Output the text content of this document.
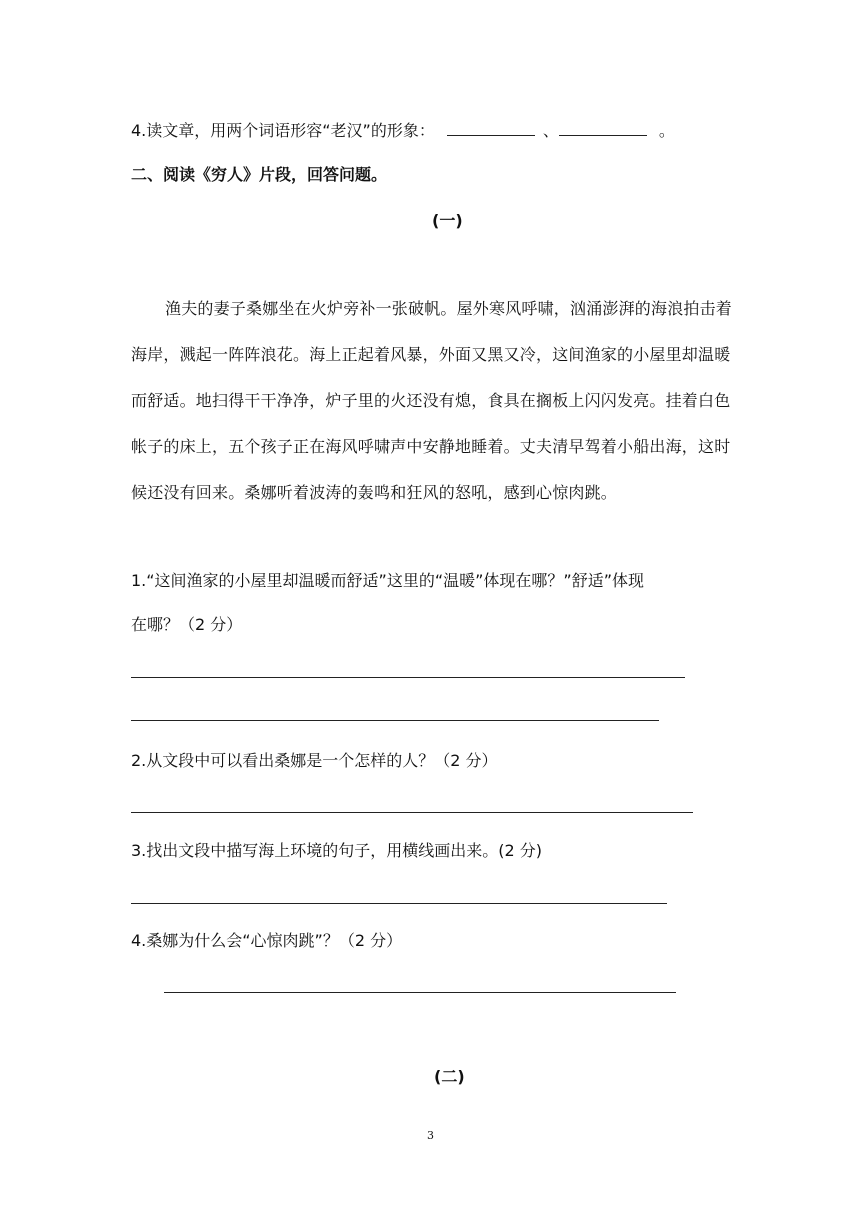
4.读文章，用两个词语形容“老汉”的形象：	、	。
二、阅读《穷人》片段，回答问题。
(一)
渔夫的妻子桑娜坐在火炉旁补一张破帆。屋外寒风呼啸，汹涌澎湃的海浪拍击着海岸，溅起一阵阵浪花。海上正起着风暴，外面又黑又冷，这间渔家的小屋里却温暖而舒适。地扫得干干净净，炉子里的火还没有熄，食具在搁板上闪闪发亮。挂着白色帐子的床上，五个孩子正在海风呼啸声中安静地睡着。丈夫清早驾着小船出海，这时候还没有回来。桑娜听着波涛的轰鸣和狂风的怒吼，感到心惊肉跳。
1.“这间渔家的小屋里却温暖而舒适”这里的“温暖”体现在哪？”舒适”体现
在哪？（2 分）
2.从文段中可以看出桑娜是一个怎样的人？（2 分）
3.找出文段中描写海上环境的句子，用横线画出来。(2 分)
4.桑娜为什么会“心惊肉跳”？（2 分）
(二)
3
